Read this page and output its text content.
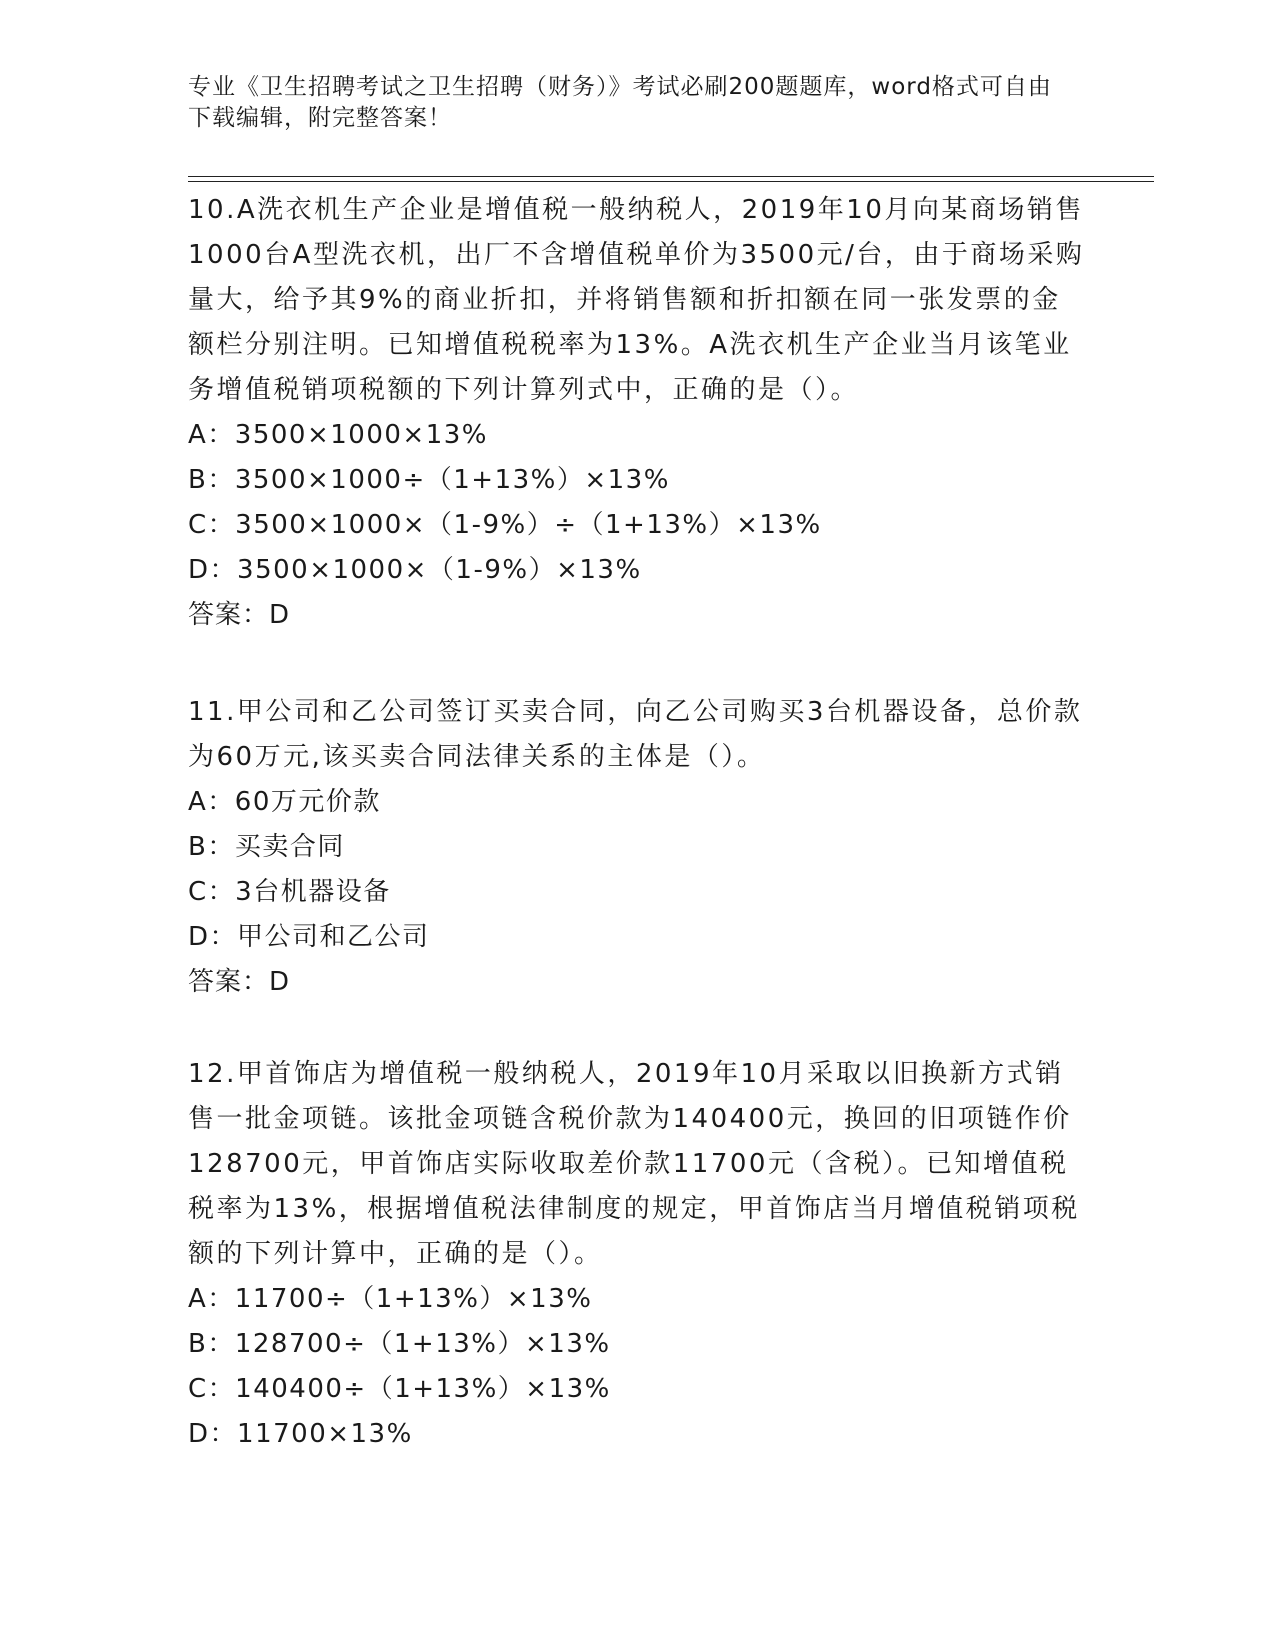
专业《卫生招聘考试之卫生招聘（财务）》考试必刷200题题库，word格式可自由下载编辑，附完整答案！

10.A洗衣机生产企业是增值税一般纳税人，2019年10月向某商场销售1000台A型洗衣机，出厂不含增值税单价为3500元/台，由于商场采购量大，给予其9%的商业折扣，并将销售额和折扣额在同一张发票的金额栏分别注明。已知增值税税率为13%。A洗衣机生产企业当月该笔业务增值税销项税额的下列计算列式中，正确的是（）。

A：3500×1000×13%

B：3500×1000÷（1+13%）×13%

C：3500×1000×（1-9%）÷（1+13%）×13%

D：3500×1000×（1-9%）×13%

答案：D

11.甲公司和乙公司签订买卖合同，向乙公司购买3台机器设备，总价款为60万元,该买卖合同法律关系的主体是（）。

A：60万元价款

B：买卖合同

C：3台机器设备

D：甲公司和乙公司

答案：D

12.甲首饰店为增值税一般纳税人，2019年10月采取以旧换新方式销售一批金项链。该批金项链含税价款为140400元，换回的旧项链作价128700元，甲首饰店实际收取差价款11700元（含税）。已知增值税税率为13%，根据增值税法律制度的规定，甲首饰店当月增值税销项税额的下列计算中，正确的是（）。

A：11700÷（1+13%）×13%

B：128700÷（1+13%）×13%

C：140400÷（1+13%）×13%

D：11700×13%
